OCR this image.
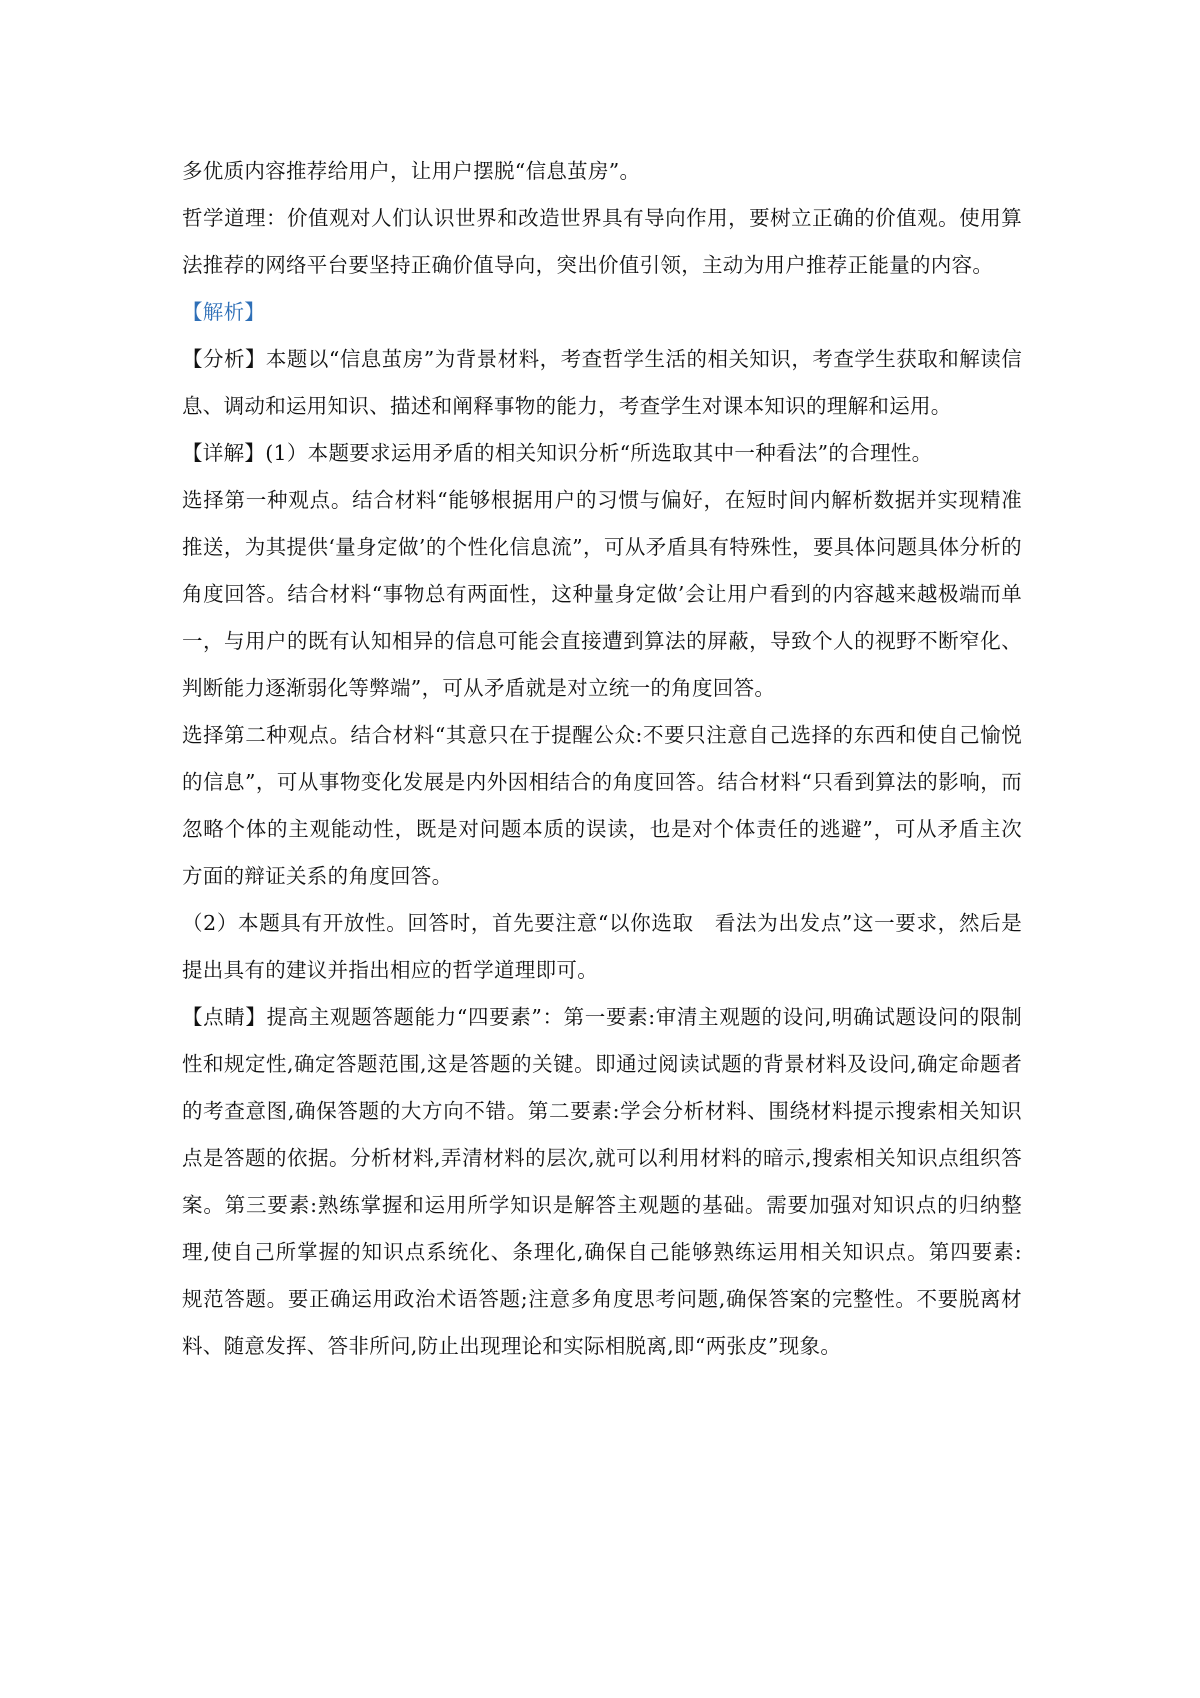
多优质内容推荐给用户，让用户摆脱“信息茧房”。
哲学道理：价值观对人们认识世界和改造世界具有导向作用，要树立正确的价值观。使用算
法推荐的网络平台要坚持正确价值导向，突出价值引领，主动为用户推荐正能量的内容。
【解析】
【分析】本题以“信息茧房”为背景材料，考查哲学生活的相关知识，考查学生获取和解读信
息、调动和运用知识、描述和阐释事物的能力，考查学生对课本知识的理解和运用。
【详解】(1）本题要求运用矛盾的相关知识分析“所选取其中一种看法”的合理性。
选择第一种观点。结合材料“能够根据用户的习惯与偏好，在短时间内解析数据并实现精准
推送，为其提供‘量身定做’的个性化信息流”，可从矛盾具有特殊性，要具体问题具体分析的
角度回答。结合材料“事物总有两面性，这种量身定做’会让用户看到的内容越来越极端而单
一，与用户的既有认知相异的信息可能会直接遭到算法的屏蔽，导致个人的视野不断窄化、
判断能力逐渐弱化等弊端”，可从矛盾就是对立统一的角度回答。
选择第二种观点。结合材料“其意只在于提醒公众:不要只注意自己选择的东西和使自己愉悦
的信息”，可从事物变化发展是内外因相结合的角度回答。结合材料“只看到算法的影响，而
忽略个体的主观能动性，既是对问题本质的误读，也是对个体责任的逃避”，可从矛盾主次
方面的辩证关系的角度回答。
（2）本题具有开放性。回答时，首先要注意“以你选取　看法为出发点”这一要求，然后是
提出具有的建议并指出相应的哲学道理即可。
【点睛】提高主观题答题能力“四要素”：第一要素:审清主观题的设问,明确试题设问的限制
性和规定性,确定答题范围,这是答题的关键。即通过阅读试题的背景材料及设问,确定命题者
的考查意图,确保答题的大方向不错。第二要素:学会分析材料、围绕材料提示搜索相关知识
点是答题的依据。分析材料,弄清材料的层次,就可以利用材料的暗示,搜索相关知识点组织答
案。第三要素:熟练掌握和运用所学知识是解答主观题的基础。需要加强对知识点的归纳整
理,使自己所掌握的知识点系统化、条理化,确保自己能够熟练运用相关知识点。第四要素:
规范答题。要正确运用政治术语答题;注意多角度思考问题,确保答案的完整性。不要脱离材
料、随意发挥、答非所问,防止出现理论和实际相脱离,即“两张皮”现象。
